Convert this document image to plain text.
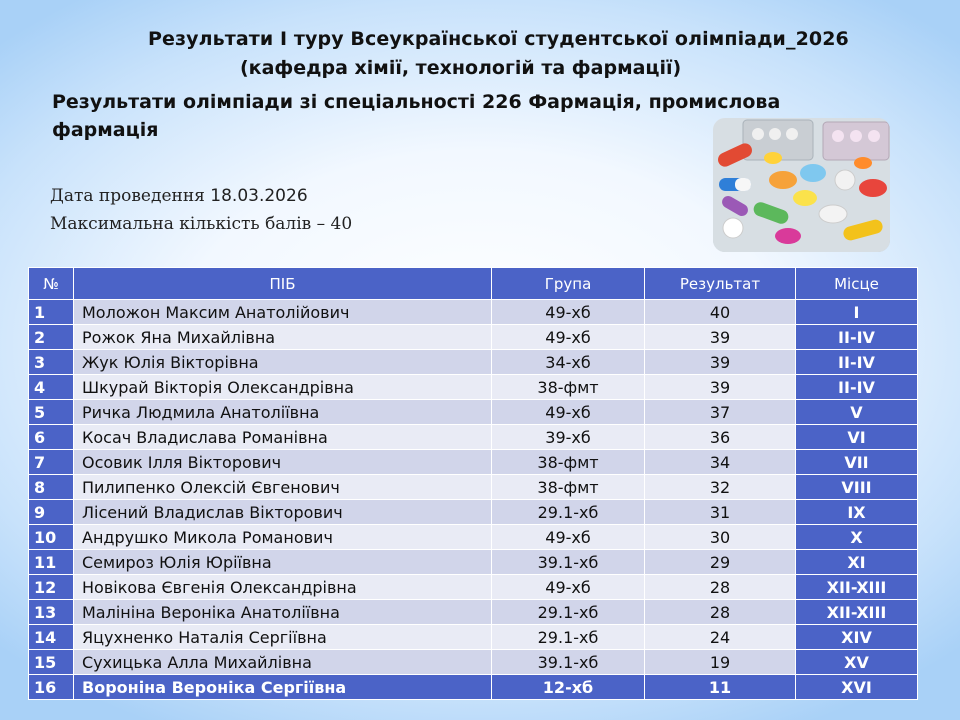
Результати І туру Всеукраїнської студентської олімпіади_2026
(кафедра хімії, технологій та фармації)
Результати олімпіади зі спеціальності 226 Фармація, промислова фармація
Дата проведення 18.03.2026
Максимальна кількість балів – 40
№	ПІБ	Група	Результат	Місце
1	Моложон Максим Анатолійович	49-хб	40	I
2	Рожок Яна Михайлівна	49-хб	39	II-IV
3	Жук Юлія Вікторівна	34-хб	39	II-IV
4	Шкурай Вікторія Олександрівна	38-фмт	39	II-IV
5	Ричка Людмила Анатоліївна	49-хб	37	V
6	Косач Владислава Романівна	39-хб	36	VI
7	Осовик Ілля Вікторович	38-фмт	34	VII
8	Пилипенко Олексій Євгенович	38-фмт	32	VIII
9	Лісений Владислав Вікторович	29.1-хб	31	IX
10	Андрушко Микола Романович	49-хб	30	X
11	Семироз Юлія Юріївна	39.1-хб	29	XI
12	Новікова Євгенія Олександрівна	49-хб	28	XII-XIII
13	Малініна Вероніка Анатоліївна	29.1-хб	28	XII-XIII
14	Яцухненко Наталія Сергіївна	29.1-хб	24	XIV
15	Сухицька Алла Михайлівна	39.1-хб	19	XV
16	Вороніна Вероніка Сергіївна	12-хб	11	XVI
